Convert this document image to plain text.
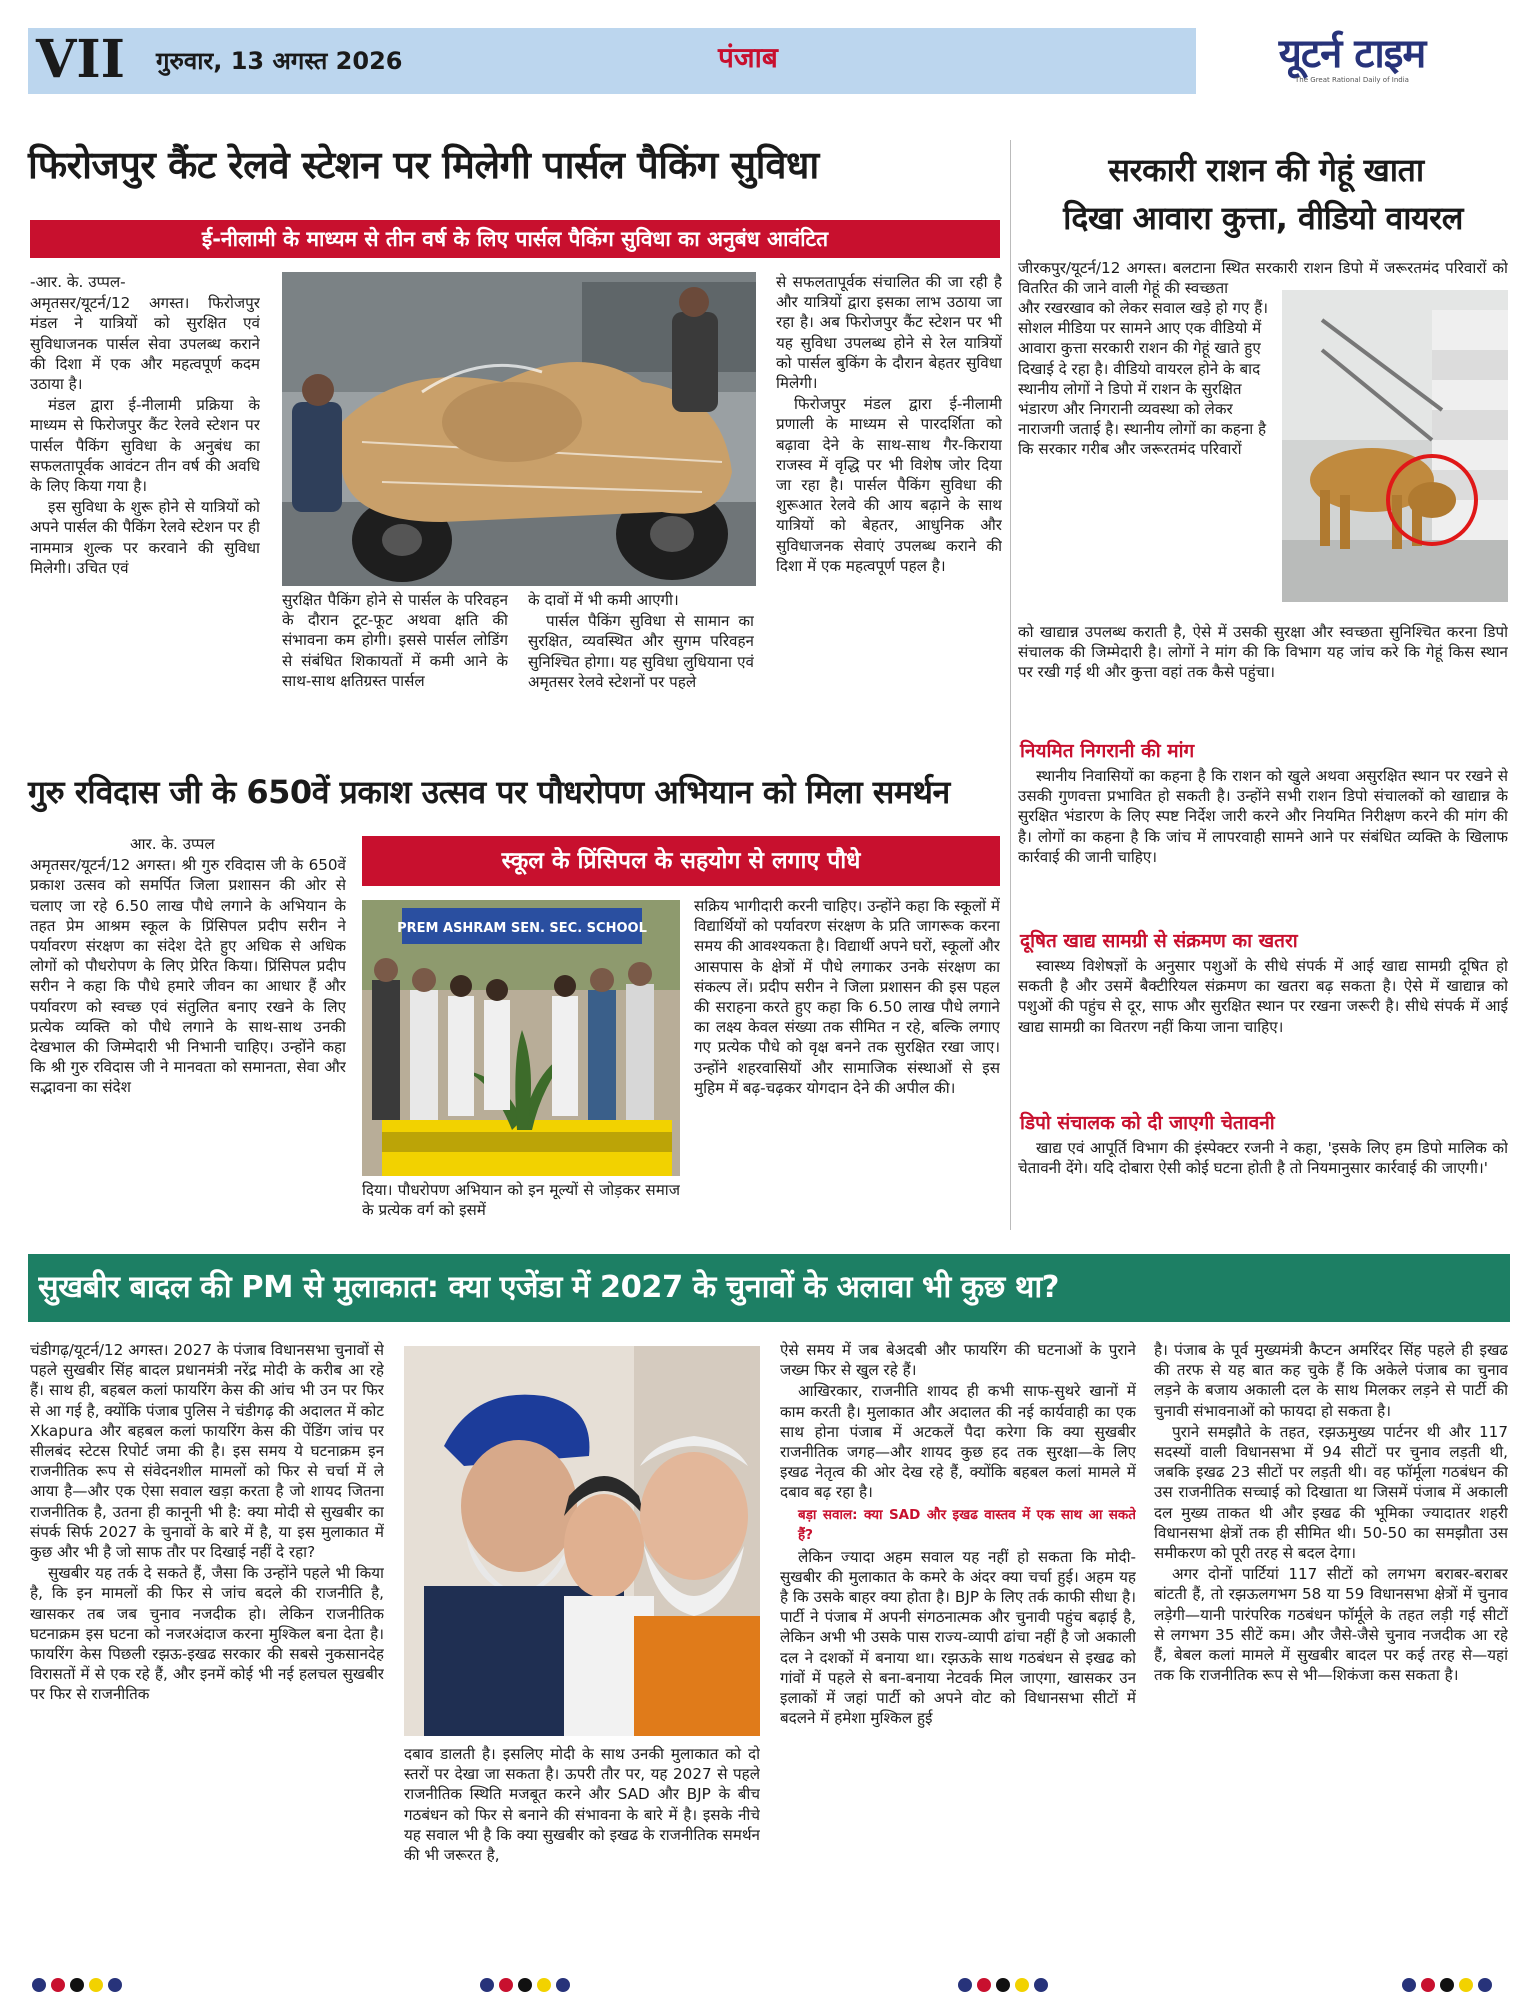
VII गुरुवार, 13 अगस्त 2026	पंजाब	यूटर्न टाइम
The Great Rational Daily of India
फिरोजपुर कैंट रेलवे स्टेशन पर मिलेगी पार्सल पैकिंग सुविधा
ई-नीलामी के माध्यम से तीन वर्ष के लिए पार्सल पैकिंग सुविधा का अनुबंध आवंटित

-आर. के. उप्पल-

अमृतसर/यूटर्न/12 अगस्त। फिरोजपुर मंडल ने यात्रियों को सुरक्षित एवं सुविधाजनक पार्सल सेवा उपलब्ध कराने की दिशा में एक और महत्वपूर्ण कदम उठाया है।

मंडल द्वारा ई-नीलामी प्रक्रिया के माध्यम से फिरोजपुर कैंट रेलवे स्टेशन पर पार्सल पैकिंग सुविधा के अनुबंध का सफलतापूर्वक आवंटन तीन वर्ष की अवधि के लिए किया गया है।

इस सुविधा के शुरू होने से यात्रियों को अपने पार्सल की पैकिंग रेलवे स्टेशन पर ही नाममात्र शुल्क पर करवाने की सुविधा मिलेगी। उचित एवं

सुरक्षित पैकिंग होने से पार्सल के परिवहन के दौरान टूट-फूट अथवा क्षति की संभावना कम होगी। इससे पार्सल लोडिंग से संबंधित शिकायतों में कमी आने के साथ-साथ क्षतिग्रस्त पार्सल

के दावों में भी कमी आएगी।

पार्सल पैकिंग सुविधा से सामान का सुरक्षित, व्यवस्थित और सुगम परिवहन सुनिश्चित होगा। यह सुविधा लुधियाना एवं अमृतसर रेलवे स्टेशनों पर पहले

से सफलतापूर्वक संचालित की जा रही है और यात्रियों द्वारा इसका लाभ उठाया जा रहा है। अब फिरोजपुर कैंट स्टेशन पर भी यह सुविधा उपलब्ध होने से रेल यात्रियों को पार्सल बुकिंग के दौरान बेहतर सुविधा मिलेगी।

फिरोजपुर मंडल द्वारा ई-नीलामी प्रणाली के माध्यम से पारदर्शिता को बढ़ावा देने के साथ-साथ गैर-किराया राजस्व में वृद्धि पर भी विशेष जोर दिया जा रहा है। पार्सल पैकिंग सुविधा की शुरूआत रेलवे की आय बढ़ाने के साथ यात्रियों को बेहतर, आधुनिक और सुविधाजनक सेवाएं उपलब्ध कराने की दिशा में एक महत्वपूर्ण पहल है।

सरकारी राशन की गेहूं खाता
दिखा आवारा कुत्ता, वीडियो वायरल

जीरकपुर/यूटर्न/12 अगस्त। बलटाना स्थित सरकारी राशन डिपो में जरूरतमंद परिवारों को वितरित की जाने वाली गेहूं की स्वच्छता

और रखरखाव को लेकर सवाल खड़े हो गए हैं। सोशल मीडिया पर सामने आए एक वीडियो में आवारा कुत्ता सरकारी राशन की गेहूं खाते हुए दिखाई दे रहा है। वीडियो वायरल होने के बाद स्थानीय लोगों ने डिपो में राशन के सुरक्षित भंडारण और निगरानी व्यवस्था को लेकर नाराजगी जताई है। स्थानीय लोगों का कहना है कि सरकार गरीब और जरूरतमंद परिवारों

को खाद्यान्न उपलब्ध कराती है, ऐसे में उसकी सुरक्षा और स्वच्छता सुनिश्चित करना डिपो संचालक की जिम्मेदारी है। लोगों ने मांग की कि विभाग यह जांच करे कि गेहूं किस स्थान पर रखी गई थी और कुत्ता वहां तक कैसे पहुंचा।

नियमित निगरानी की मांग

स्थानीय निवासियों का कहना है कि राशन को खुले अथवा असुरक्षित स्थान पर रखने से उसकी गुणवत्ता प्रभावित हो सकती है। उन्होंने सभी राशन डिपो संचालकों को खाद्यान्न के सुरक्षित भंडारण के लिए स्पष्ट निर्देश जारी करने और नियमित निरीक्षण करने की मांग की है। लोगों का कहना है कि जांच में लापरवाही सामने आने पर संबंधित व्यक्ति के खिलाफ कार्रवाई की जानी चाहिए।

दूषित खाद्य सामग्री से संक्रमण का खतरा

स्वास्थ्य विशेषज्ञों के अनुसार पशुओं के सीधे संपर्क में आई खाद्य सामग्री दूषित हो सकती है और उसमें बैक्टीरियल संक्रमण का खतरा बढ़ सकता है। ऐसे में खाद्यान्न को पशुओं की पहुंच से दूर, साफ और सुरक्षित स्थान पर रखना जरूरी है। सीधे संपर्क में आई खाद्य सामग्री का वितरण नहीं किया जाना चाहिए।

डिपो संचालक को दी जाएगी चेतावनी

खाद्य एवं आपूर्ति विभाग की इंस्पेक्टर रजनी ने कहा, 'इसके लिए हम डिपो मालिक को चेतावनी देंगे। यदि दोबारा ऐसी कोई घटना होती है तो नियमानुसार कार्रवाई की जाएगी।'

गुरु रविदास जी के 650वें प्रकाश उत्सव पर पौधरोपण अभियान को मिला समर्थन

आर. के. उप्पल

अमृतसर/यूटर्न/12 अगस्त। श्री गुरु रविदास जी के 650वें प्रकाश उत्सव को समर्पित जिला प्रशासन की ओर से चलाए जा रहे 6.50 लाख पौधे लगाने के अभियान के तहत प्रेम आश्रम स्कूल के प्रिंसिपल प्रदीप सरीन ने पर्यावरण संरक्षण का संदेश देते हुए अधिक से अधिक लोगों को पौधरोपण के लिए प्रेरित किया। प्रिंसिपल प्रदीप सरीन ने कहा कि पौधे हमारे जीवन का आधार हैं और पर्यावरण को स्वच्छ एवं संतुलित बनाए रखने के लिए प्रत्येक व्यक्ति को पौधे लगाने के साथ-साथ उनकी देखभाल की जिम्मेदारी भी निभानी चाहिए। उन्होंने कहा कि श्री गुरु रविदास जी ने मानवता को समानता, सेवा और सद्भावना का संदेश

स्कूल के प्रिंसिपल के सहयोग से लगाए पौधे
PREM ASHRAM SEN. SEC. SCHOOL

दिया। पौधरोपण अभियान को इन मूल्यों से जोड़कर समाज के प्रत्येक वर्ग को इसमें

सक्रिय भागीदारी करनी चाहिए। उन्होंने कहा कि स्कूलों में विद्यार्थियों को पर्यावरण संरक्षण के प्रति जागरूक करना समय की आवश्यकता है। विद्यार्थी अपने घरों, स्कूलों और आसपास के क्षेत्रों में पौधे लगाकर उनके संरक्षण का संकल्प लें। प्रदीप सरीन ने जिला प्रशासन की इस पहल की सराहना करते हुए कहा कि 6.50 लाख पौधे लगाने का लक्ष्य केवल संख्या तक सीमित न रहे, बल्कि लगाए गए प्रत्येक पौधे को वृक्ष बनने तक सुरक्षित रखा जाए। उन्होंने शहरवासियों और सामाजिक संस्थाओं से इस मुहिम में बढ़-चढ़कर योगदान देने की अपील की।

सुखबीर बादल की PM से मुलाकात: क्या एजेंडा में 2027 के चुनावों के अलावा भी कुछ था?

चंडीगढ़/यूटर्न/12 अगस्त। 2027 के पंजाब विधानसभा चुनावों से पहले सुखबीर सिंह बादल प्रधानमंत्री नरेंद्र मोदी के करीब आ रहे हैं। साथ ही, बहबल कलां फायरिंग केस की आंच भी उन पर फिर से आ गई है, क्योंकि पंजाब पुलिस ने चंडीगढ़ की अदालत में कोट Xkapura और बहबल कलां फायरिंग केस की पेंडिंग जांच पर सीलबंद स्टेटस रिपोर्ट जमा की है। इस समय ये घटनाक्रम इन राजनीतिक रूप से संवेदनशील मामलों को फिर से चर्चा में ले आया है—और एक ऐसा सवाल खड़ा करता है जो शायद जितना राजनीतिक है, उतना ही कानूनी भी है: क्या मोदी से सुखबीर का संपर्क सिर्फ 2027 के चुनावों के बारे में है, या इस मुलाकात में कुछ और भी है जो साफ तौर पर दिखाई नहीं दे रहा?

सुखबीर यह तर्क दे सकते हैं, जैसा कि उन्होंने पहले भी किया है, कि इन मामलों की फिर से जांच बदले की राजनीति है, खासकर तब जब चुनाव नजदीक हो। लेकिन राजनीतिक घटनाक्रम इस घटना को नजरअंदाज करना मुश्किल बना देता है। फायरिंग केस पिछली रझऊ-इखढ सरकार की सबसे नुकसानदेह विरासतों में से एक रहे हैं, और इनमें कोई भी नई हलचल सुखबीर पर फिर से राजनीतिक

दबाव डालती है। इसलिए मोदी के साथ उनकी मुलाकात को दो स्तरों पर देखा जा सकता है। ऊपरी तौर पर, यह 2027 से पहले राजनीतिक स्थिति मजबूत करने और SAD और BJP के बीच गठबंधन को फिर से बनाने की संभावना के बारे में है। इसके नीचे यह सवाल भी है कि क्या सुखबीर को इखढ के राजनीतिक समर्थन की भी जरूरत है,

ऐसे समय में जब बेअदबी और फायरिंग की घटनाओं के पुराने जख्म फिर से खुल रहे हैं।

आखिरकार, राजनीति शायद ही कभी साफ-सुथरे खानों में काम करती है। मुलाकात और अदालत की नई कार्यवाही का एक साथ होना पंजाब में अटकलें पैदा करेगा कि क्या सुखबीर राजनीतिक जगह—और शायद कुछ हद तक सुरक्षा—के लिए इखढ नेतृत्व की ओर देख रहे हैं, क्योंकि बहबल कलां मामले में दबाव बढ़ रहा है।

बड़ा सवाल: क्या SAD और इखढ वास्तव में एक साथ आ सकते हैं?

लेकिन ज्यादा अहम सवाल यह नहीं हो सकता कि मोदी-सुखबीर की मुलाकात के कमरे के अंदर क्या चर्चा हुई। अहम यह है कि उसके बाहर क्या होता है। BJP के लिए तर्क काफी सीधा है। पार्टी ने पंजाब में अपनी संगठनात्मक और चुनावी पहुंच बढ़ाई है, लेकिन अभी भी उसके पास राज्य-व्यापी ढांचा नहीं है जो अकाली दल ने दशकों में बनाया था। रझऊके साथ गठबंधन से इखढ को गांवों में पहले से बना-बनाया नेटवर्क मिल जाएगा, खासकर उन इलाकों में जहां पार्टी को अपने वोट को विधानसभा सीटों में बदलने में हमेशा मुश्किल हुई

है। पंजाब के पूर्व मुख्यमंत्री कैप्टन अमरिंदर सिंह पहले ही इखढ की तरफ से यह बात कह चुके हैं कि अकेले पंजाब का चुनाव लड़ने के बजाय अकाली दल के साथ मिलकर लड़ने से पार्टी की चुनावी संभावनाओं को फायदा हो सकता है।

पुराने समझौते के तहत, रझऊमुख्य पार्टनर थी और 117 सदस्यों वाली विधानसभा में 94 सीटों पर चुनाव लड़ती थी, जबकि इखढ 23 सीटों पर लड़ती थी। वह फॉर्मूला गठबंधन की उस राजनीतिक सच्चाई को दिखाता था जिसमें पंजाब में अकाली दल मुख्य ताकत थी और इखढ की भूमिका ज्यादातर शहरी विधानसभा क्षेत्रों तक ही सीमित थी। 50-50 का समझौता उस समीकरण को पूरी तरह से बदल देगा।

अगर दोनों पार्टियां 117 सीटों को लगभग बराबर-बराबर बांटती हैं, तो रझऊलगभग 58 या 59 विधानसभा क्षेत्रों में चुनाव लड़ेगी—यानी पारंपरिक गठबंधन फॉर्मूले के तहत लड़ी गई सीटों से लगभग 35 सीटें कम। और जैसे-जैसे चुनाव नजदीक आ रहे हैं, बेबल कलां मामले में सुखबीर बादल पर कई तरह से—यहां तक कि राजनीतिक रूप से भी—शिकंजा कस सकता है।
